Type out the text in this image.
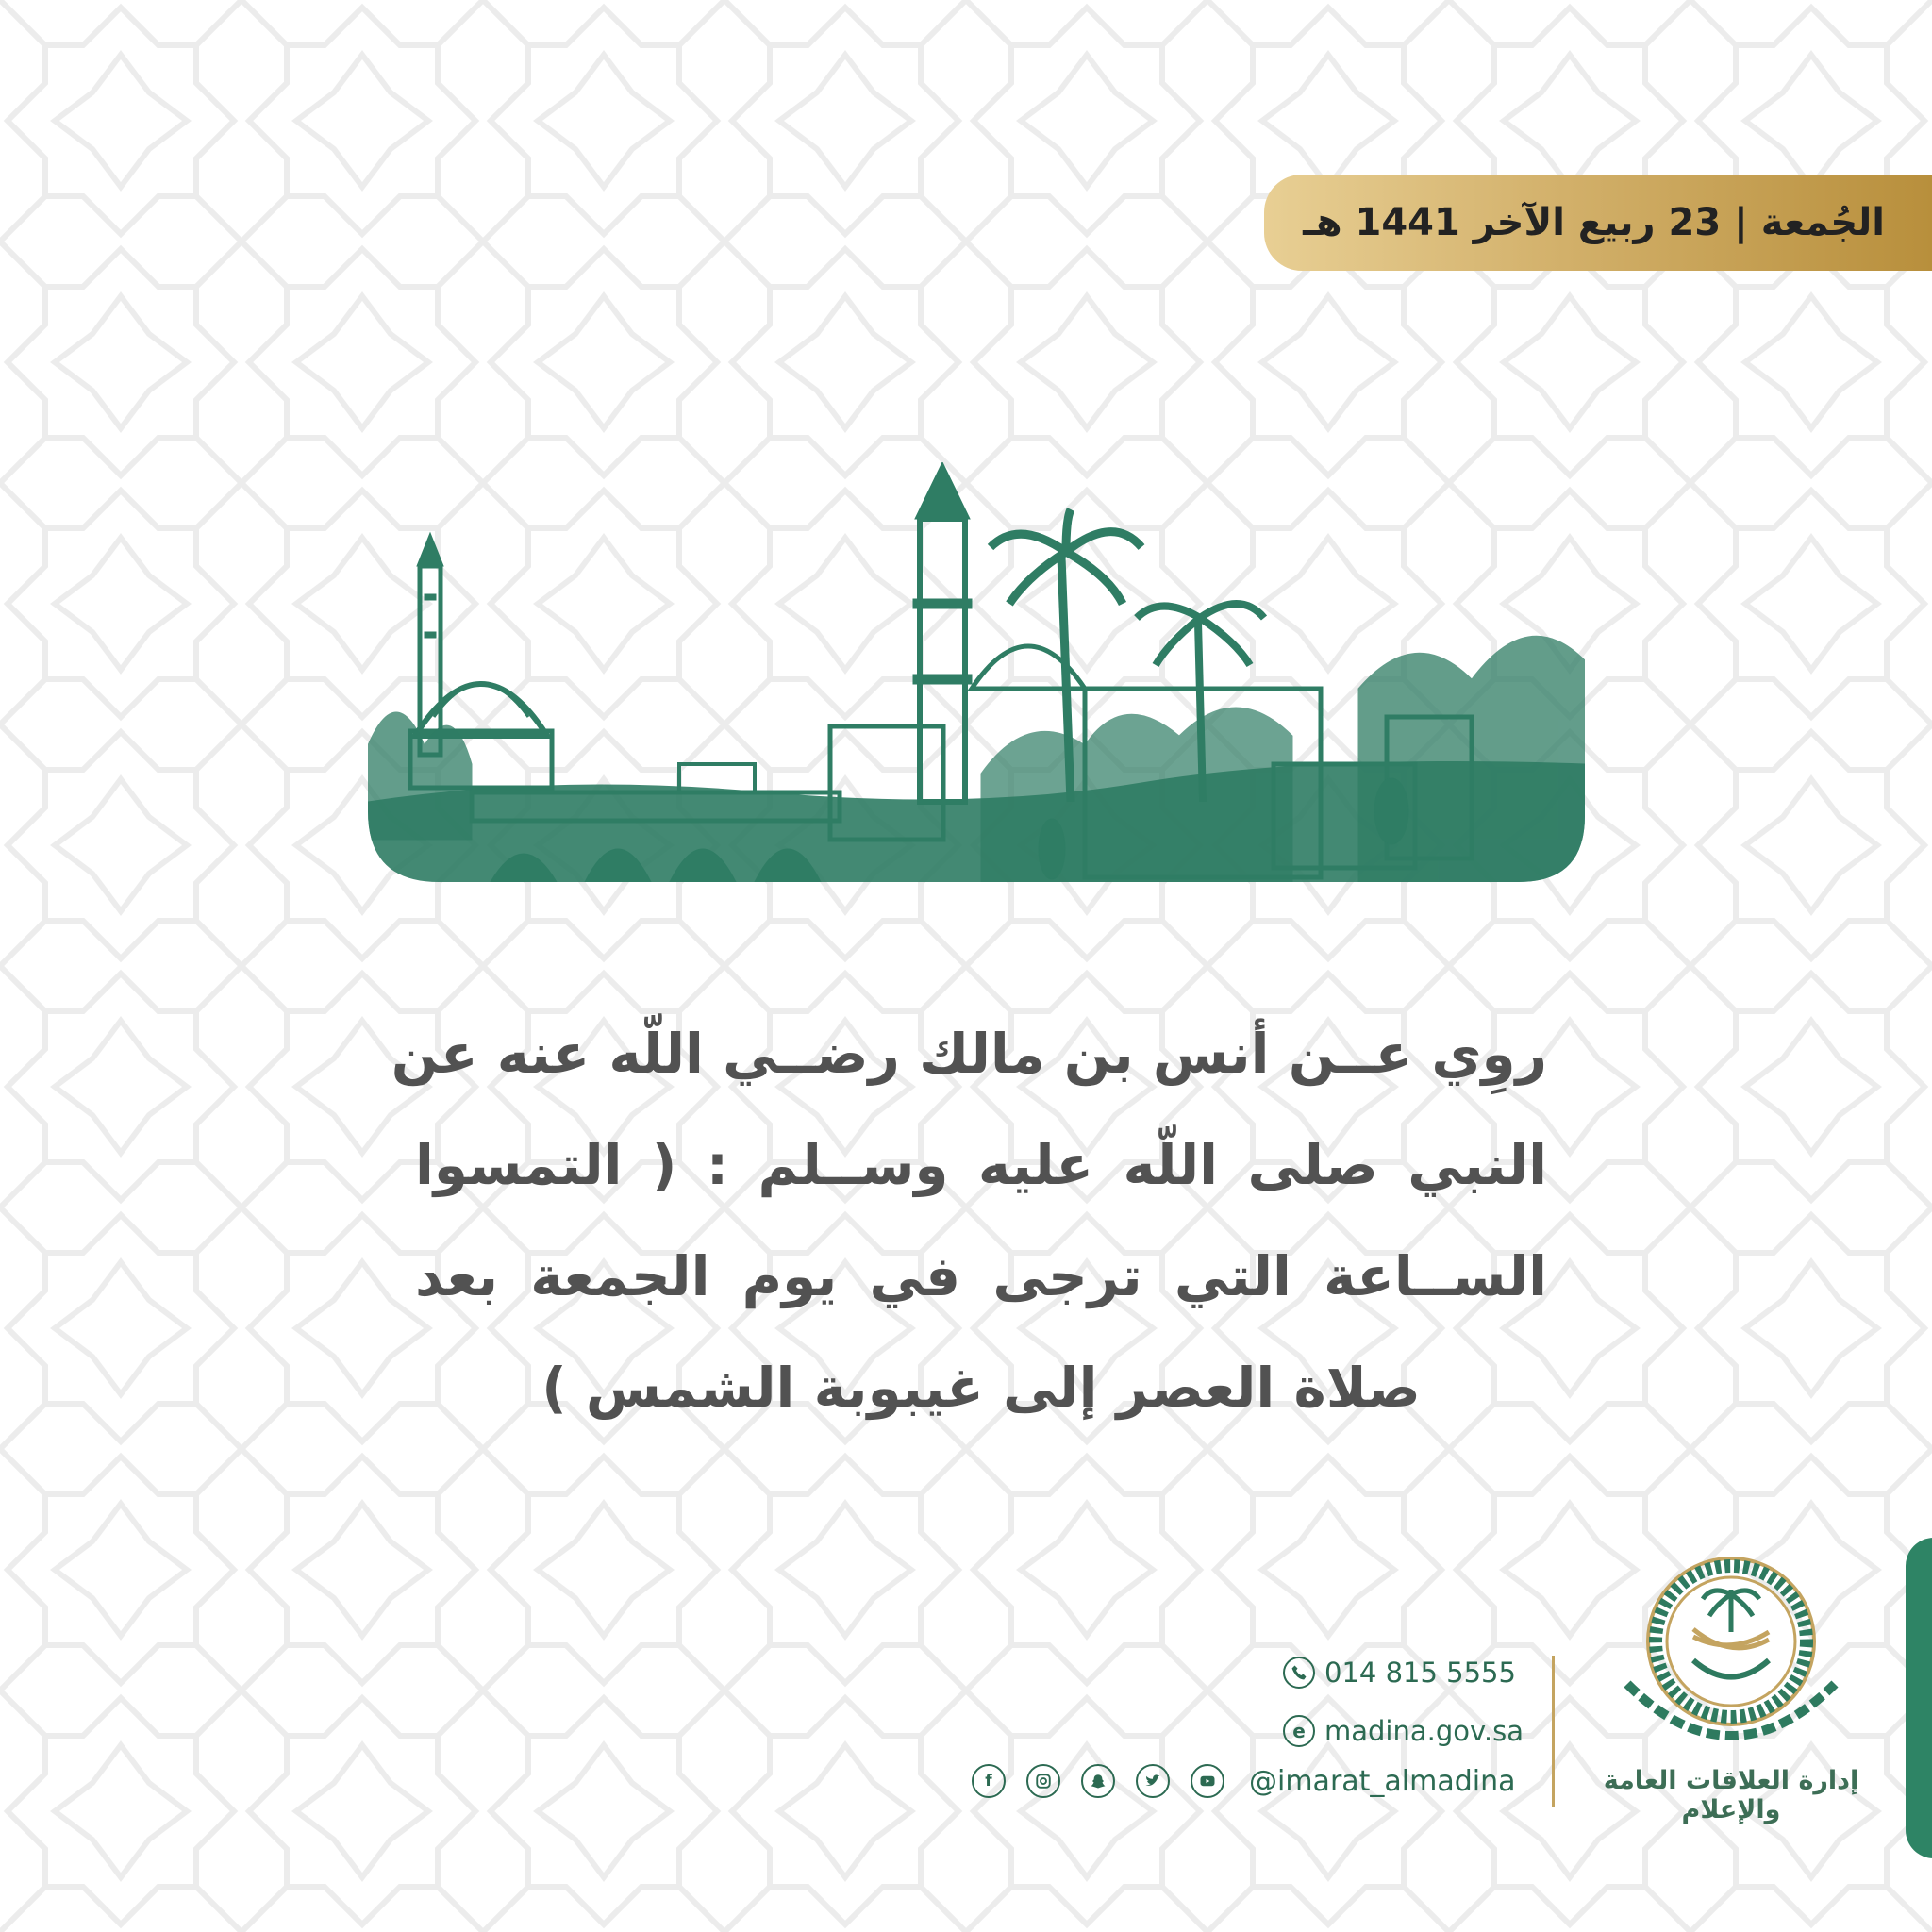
الجُمعة|23 ربيع الآخر 1441 هـ
روِي عــن أنس بن مالك رضــي اللّه عنه عن
النبي صلى اللّه عليه وســلم : ( التمسوا
الســاعة التي ترجى في يوم الجمعة بعد
صلاة العصر إلى غيبوبة الشمس )
إدارة العلاقات العامة والإعلام
014 815 5555
e madina.gov.sa
f	@imarat_almadina
